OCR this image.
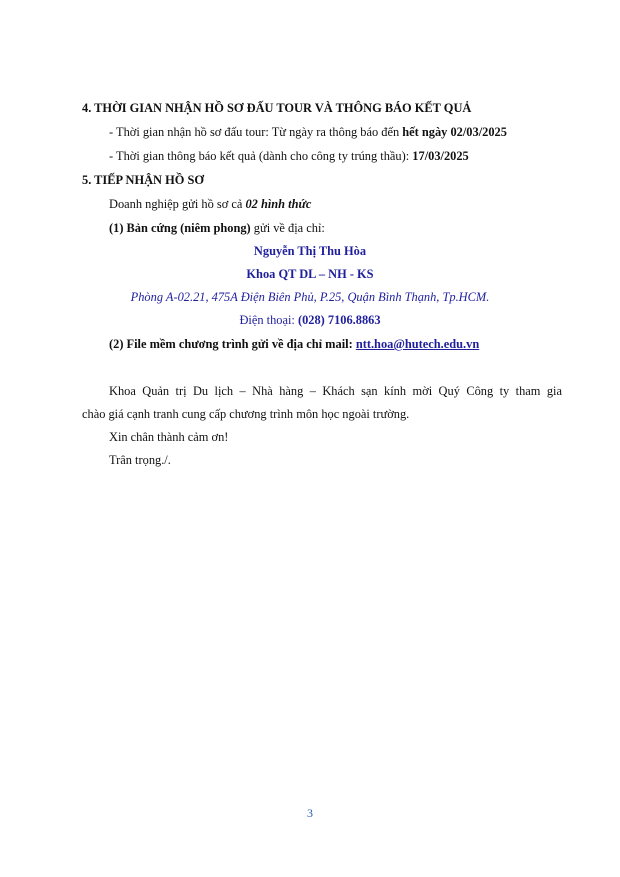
4. THỜI GIAN NHẬN HỒ SƠ ĐẤU TOUR VÀ THÔNG BÁO KẾT QUẢ
- Thời gian nhận hồ sơ đấu tour: Từ ngày ra thông báo đến hết ngày 02/03/2025
- Thời gian thông báo kết quả (dành cho công ty trúng thầu): 17/03/2025
5. TIẾP NHẬN HỒ SƠ
Doanh nghiệp gửi hồ sơ cả 02 hình thức
(1) Bản cứng (niêm phong) gửi về địa chỉ:
Nguyễn Thị Thu Hòa
Khoa QT DL – NH - KS
Phòng A-02.21, 475A Điện Biên Phủ, P.25, Quận Bình Thạnh, Tp.HCM.
Điện thoại: (028) 7106.8863
(2) File mềm chương trình gửi về địa chỉ mail: ntt.hoa@hutech.edu.vn
Khoa Quản trị Du lịch – Nhà hàng – Khách sạn kính mời Quý Công ty tham gia
chào giá cạnh tranh cung cấp chương trình môn học ngoài trường.
Xin chân thành cảm ơn!
Trân trọng./.
3
